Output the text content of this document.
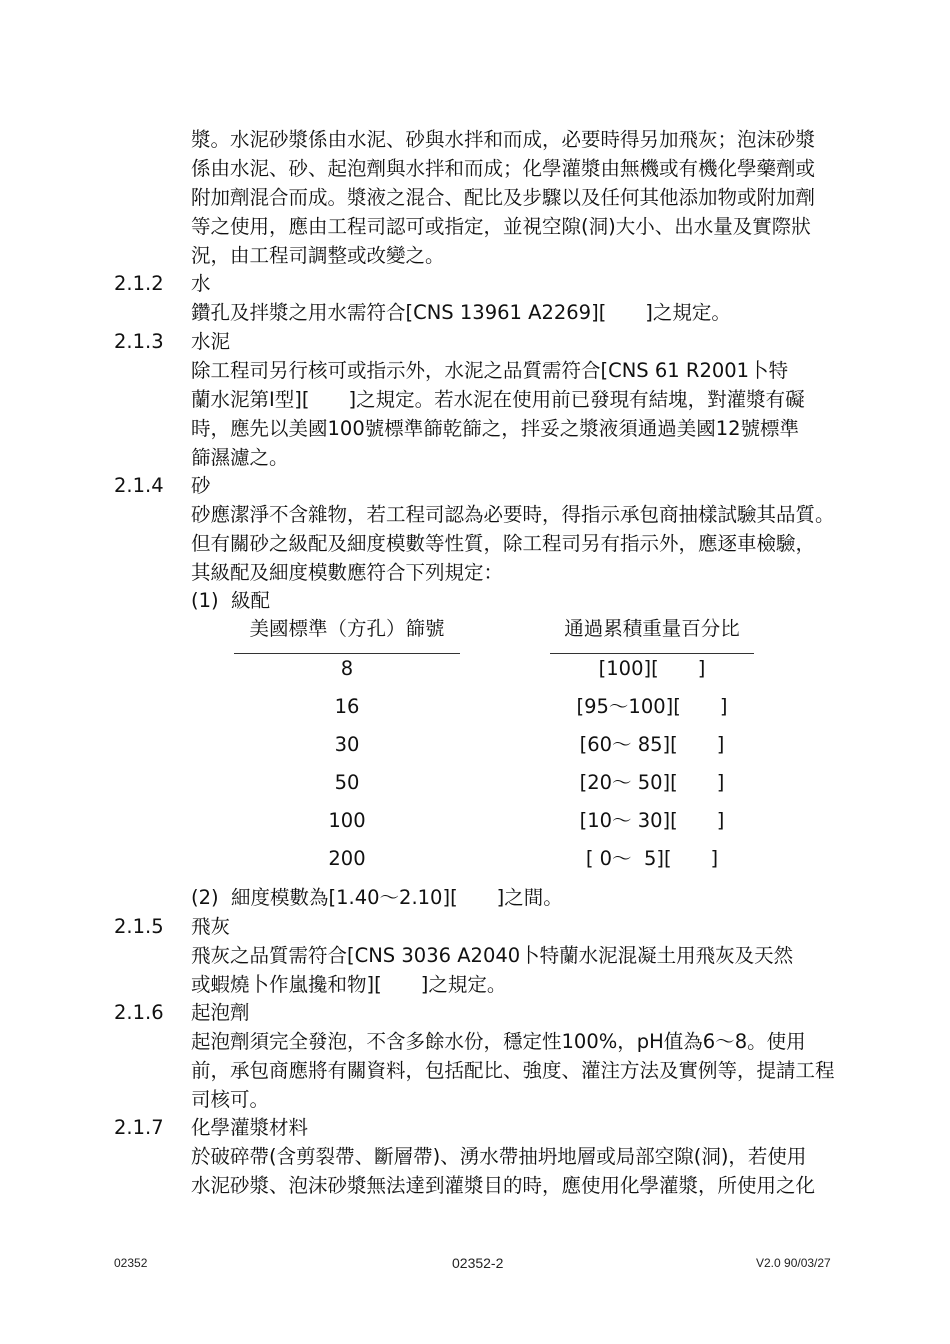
漿。水泥砂漿係由水泥、砂與水拌和而成，必要時得另加飛灰；泡沫砂漿
係由水泥、砂、起泡劑與水拌和而成；化學灌漿由無機或有機化學藥劑或
附加劑混合而成。漿液之混合、配比及步驟以及任何其他添加物或附加劑
等之使用，應由工程司認可或指定，並視空隙(洞)大小、出水量及實際狀
況，由工程司調整或改變之。
2.1.2 水
鑽孔及拌漿之用水需符合[CNS 13961 A2269][　　]之規定。
2.1.3 水泥
除工程司另行核可或指示外，水泥之品質需符合[CNS 61 R2001卜特
蘭水泥第Ⅰ型][　　]之規定。若水泥在使用前已發現有結塊，對灌漿有礙
時，應先以美國100號標準篩乾篩之，拌妥之漿液須通過美國12號標準
篩濕濾之。
2.1.4 砂
砂應潔淨不含雜物，若工程司認為必要時，得指示承包商抽樣試驗其品質。
但有關砂之級配及細度模數等性質，除工程司另有指示外，應逐車檢驗，
其級配及細度模數應符合下列規定：
(1)  級配
美國標準（方孔）篩號	通過累積重量百分比
8	[100][　　]
16	[95～100][　　]
30	[60～ 85][　　]
50	[20～ 50][　　]
100	[10～ 30][　　]
200	[ 0～  5][　　]
(2)  細度模數為[1.40～2.10][　　]之間。
2.1.5 飛灰
飛灰之品質需符合[CNS 3036 A2040卜特蘭水泥混凝土用飛灰及天然
或蝦燒卜作嵐攙和物][　　]之規定。
2.1.6 起泡劑
起泡劑須完全發泡，不含多餘水份，穩定性100%，pH值為6～8。使用
前，承包商應將有關資料，包括配比、強度、灌注方法及實例等，提請工程
司核可。
2.1.7 化學灌漿材料
於破碎帶(含剪裂帶、斷層帶)、湧水帶抽坍地層或局部空隙(洞)，若使用
水泥砂漿、泡沫砂漿無法達到灌漿目的時，應使用化學灌漿，所使用之化
02352	02352-2	V2.0 90/03/27
